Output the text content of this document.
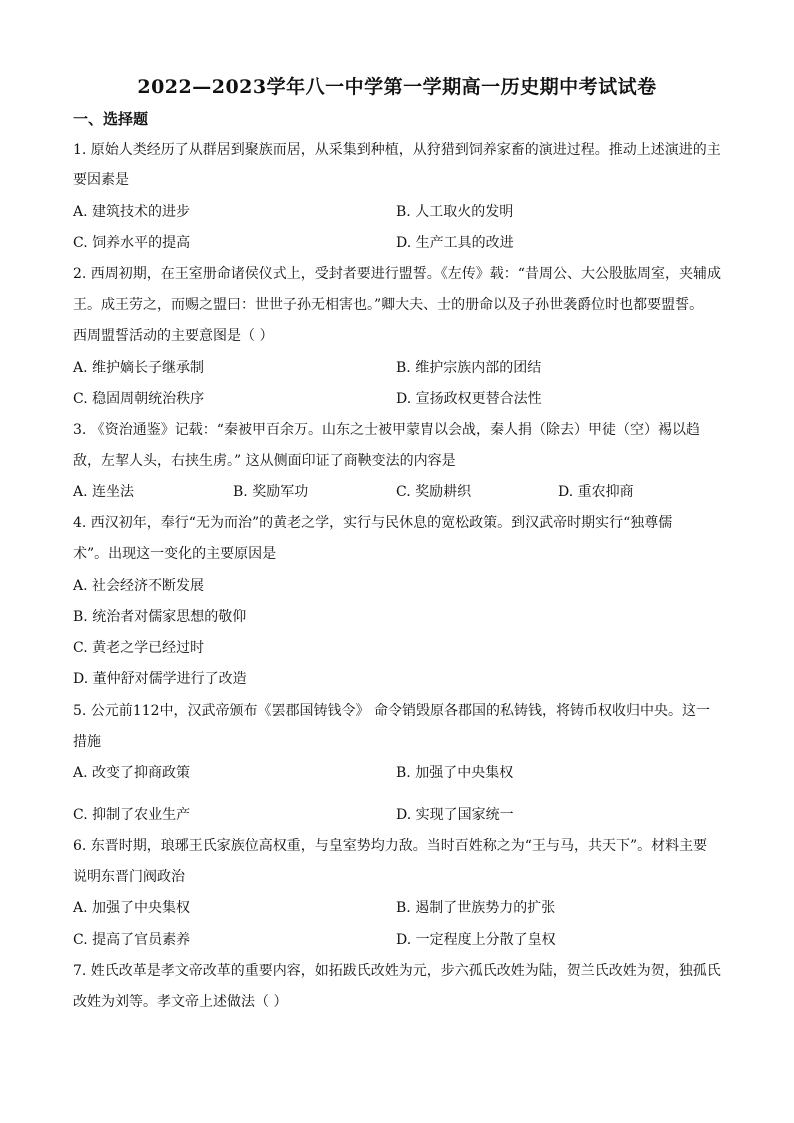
2022—2023学年八一中学第一学期高一历史期中考试试卷
一、选择题
1. 原始人类经历了从群居到聚族而居，从采集到种植，从狩猎到饲养家畜的演进过程。推动上述演进的主
要因素是
A. 建筑技术的进步	B. 人工取火的发明
C. 饲养水平的提高	D. 生产工具的改进
2. 西周初期，在王室册命诸侯仪式上，受封者要进行盟誓。《左传》载：“昔周公、大公股肱周室，夹辅成
王。成王劳之，而赐之盟曰：世世子孙无相害也。”卿大夫、士的册命以及子孙世袭爵位时也都要盟誓。
西周盟誓活动的主要意图是（ ）
A. 维护嫡长子继承制	B. 维护宗族内部的团结
C. 稳固周朝统治秩序	D. 宣扬政权更替合法性
3. 《资治通鉴》记载：“秦被甲百余万。山东之士被甲蒙胄以会战，秦人捐（除去）甲徒（空）裼以趋
敌，左挈人头，右挟生虏。” 这从侧面印证了商鞅变法的内容是
A. 连坐法	B. 奖励军功	C. 奖励耕织	D. 重农抑商
4. 西汉初年，奉行“无为而治”的黄老之学，实行与民休息的宽松政策。到汉武帝时期实行“独尊儒
术”。出现这一变化的主要原因是
A. 社会经济不断发展
B. 统治者对儒家思想的敬仰
C. 黄老之学已经过时
D. 董仲舒对儒学进行了改造
5. 公元前112中，汉武帝颁布《罢郡国铸钱令》 命令销毁原各郡国的私铸钱，将铸币权收归中央。这一
措施
A. 改变了抑商政策	B. 加强了中央集权
C. 抑制了农业生产	D. 实现了国家统一
6. 东晋时期，琅琊王氏家族位高权重，与皇室势均力敌。当时百姓称之为“王与马，共天下”。材料主要
说明东晋门阀政治
A. 加强了中央集权	B. 遏制了世族势力的扩张
C. 提高了官员素养	D. 一定程度上分散了皇权
7. 姓氏改革是孝文帝改革的重要内容，如拓跋氏改姓为元，步六孤氏改姓为陆，贺兰氏改姓为贺，独孤氏
改姓为刘等。孝文帝上述做法（ ）
